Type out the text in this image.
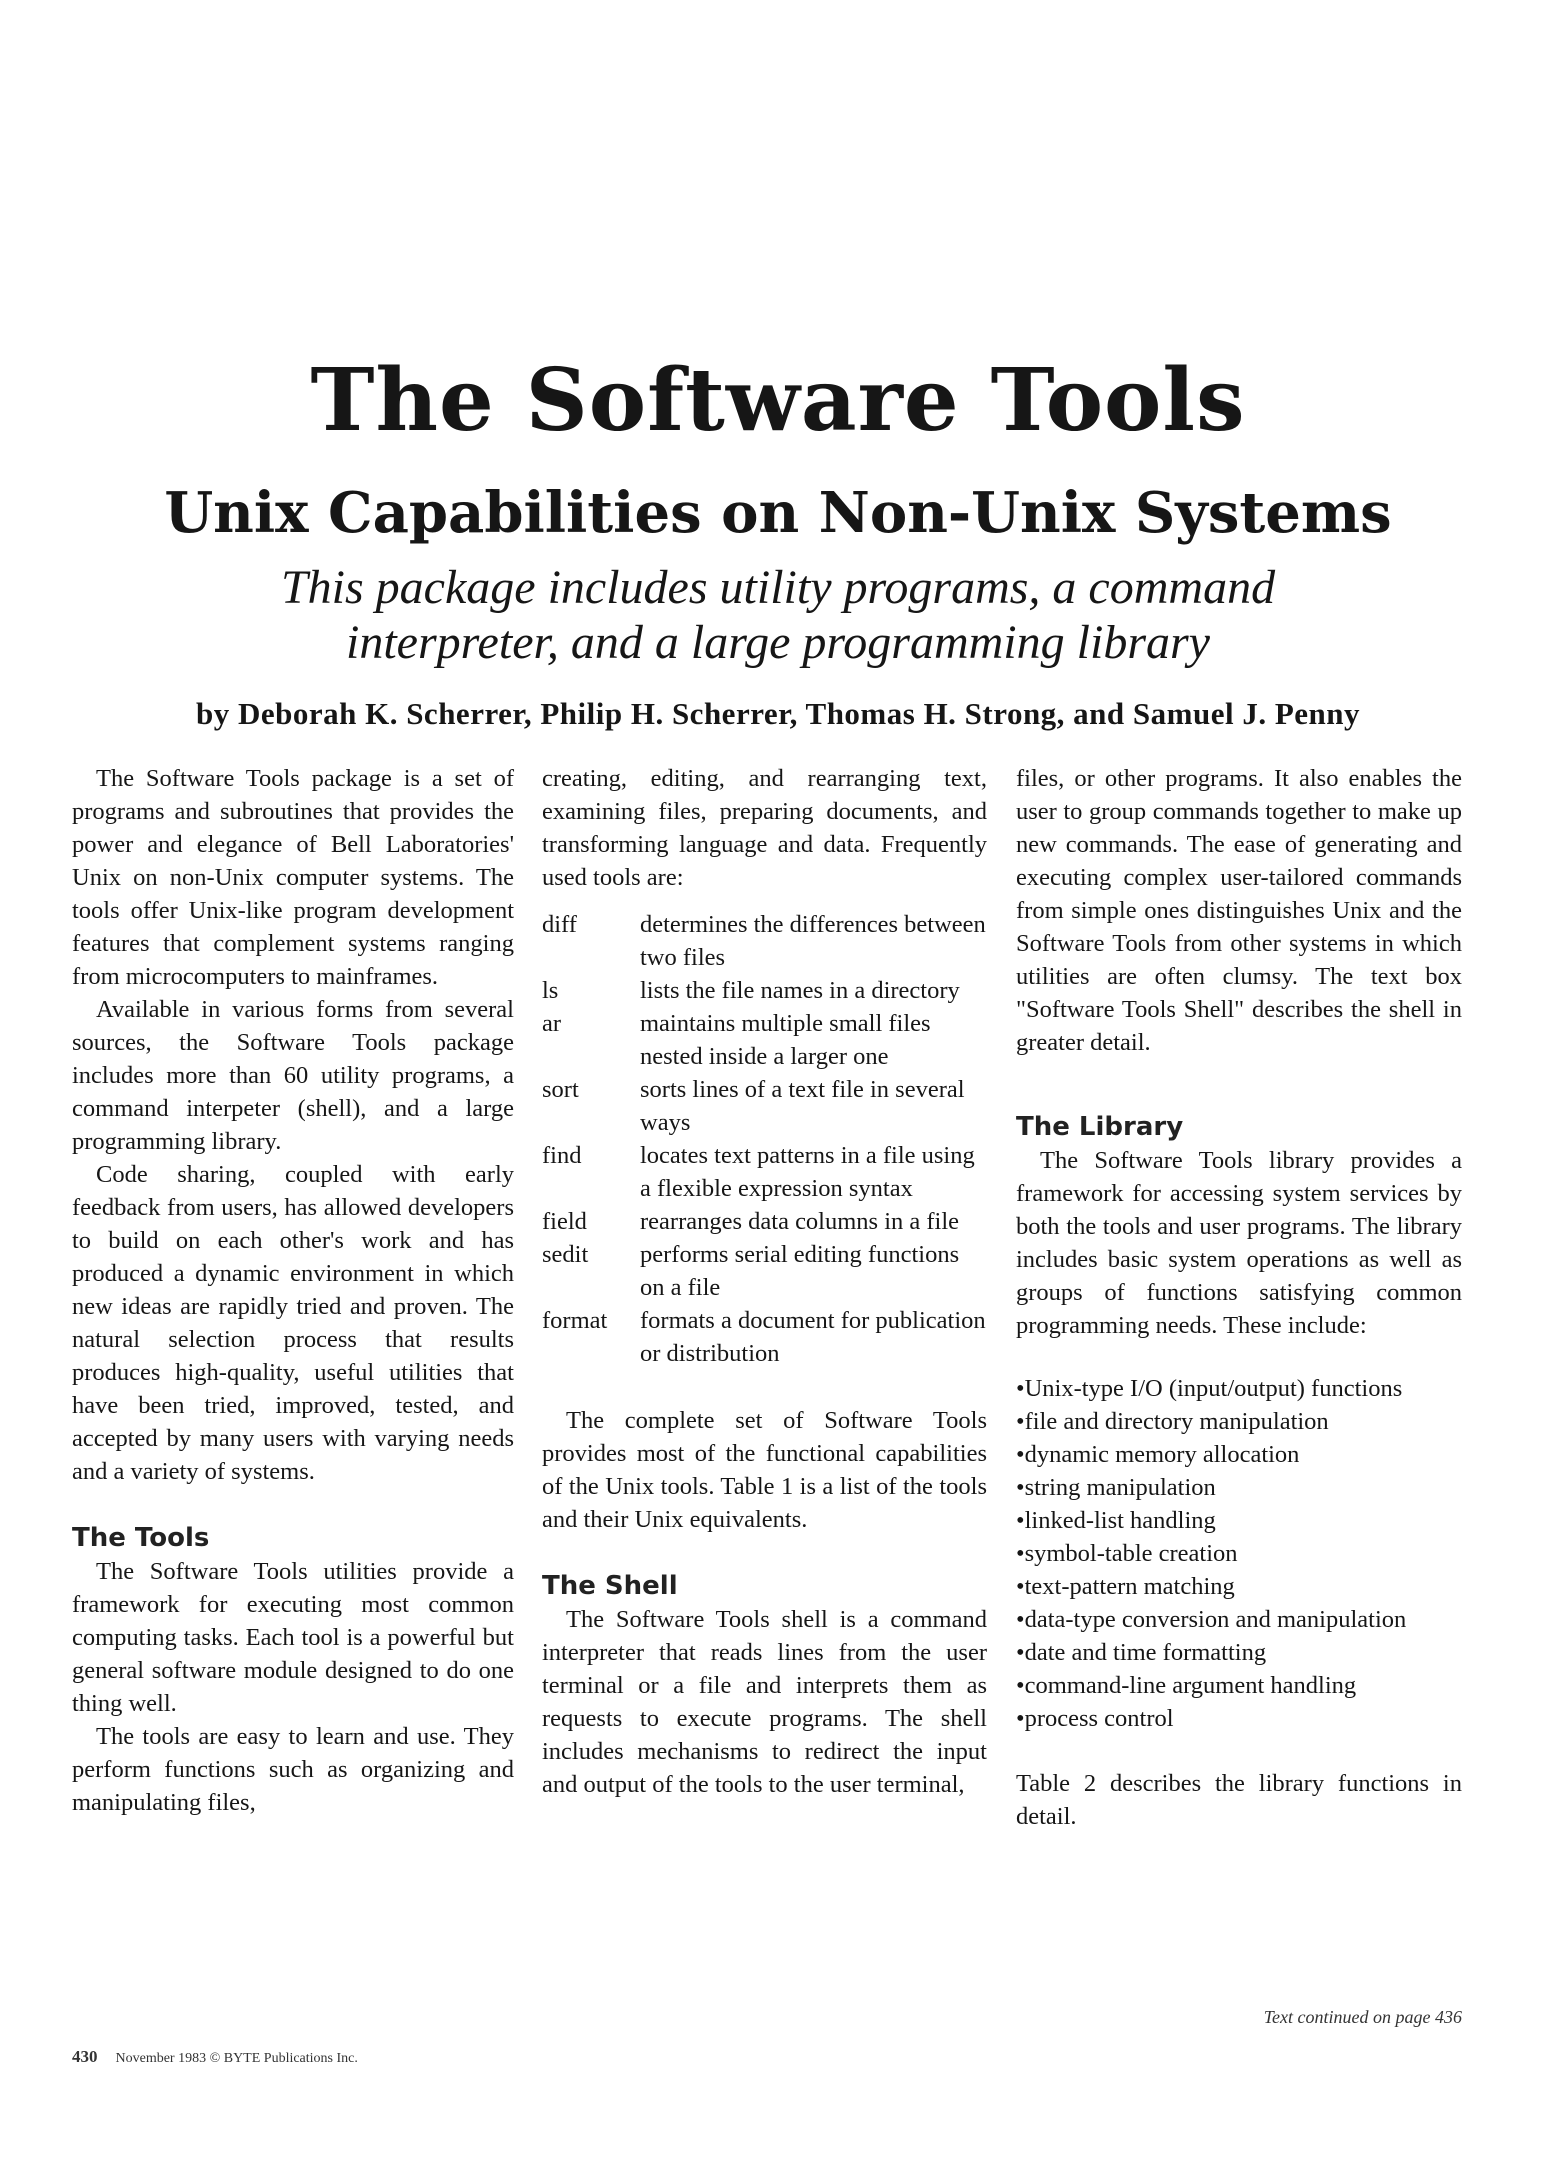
The Software Tools
Unix Capabilities on Non-Unix Systems
This package includes utility programs, a command
interpreter, and a large programming library
by Deborah K. Scherrer, Philip H. Scherrer, Thomas H. Strong, and Samuel J. Penny

The Software Tools package is a set of programs and subroutines that provides the power and elegance of Bell Laboratories' Unix on non-Unix computer systems. The tools offer Unix-like program development features that complement systems ranging from microcomputers to mainframes.

Available in various forms from several sources, the Software Tools package includes more than 60 utility programs, a command interpeter (shell), and a large programming library.

Code sharing, coupled with early feedback from users, has allowed developers to build on each other's work and has produced a dynamic environment in which new ideas are rapidly tried and proven. The natural selection process that results produces high-quality, useful utilities that have been tried, improved, tested, and accepted by many users with varying needs and a variety of systems.

The Tools

The Software Tools utilities provide a framework for executing most common computing tasks. Each tool is a powerful but general software module designed to do one thing well.

The tools are easy to learn and use. They perform functions such as organizing and manipulating files,

creating, editing, and rearranging text, examining files, preparing documents, and transforming language and data. Frequently used tools are:

diff	determines the differences between two files
ls	lists the file names in a directory
ar	maintains multiple small files nested inside a larger one
sort	sorts lines of a text file in several ways
find	locates text patterns in a file using a flexible expression syntax
field	rearranges data columns in a file
sedit	performs serial editing functions on a file
format	formats a document for publication or distribution

The complete set of Software Tools provides most of the functional capabilities of the Unix tools. Table 1 is a list of the tools and their Unix equivalents.

The Shell

The Software Tools shell is a command interpreter that reads lines from the user terminal or a file and interprets them as requests to execute programs. The shell includes mechanisms to redirect the input and output of the tools to the user terminal,

files, or other programs. It also enables the user to group commands together to make up new commands. The ease of generating and executing complex user-tailored commands from simple ones distinguishes Unix and the Software Tools from other systems in which utilities are often clumsy. The text box "Software Tools Shell" describes the shell in greater detail.

The Library

The Software Tools library provides a framework for accessing system services by both the tools and user programs. The library includes basic system operations as well as groups of functions satisfying common programming needs. These include:

•Unix-type I/O (input/output) functions
•file and directory manipulation
•dynamic memory allocation
•string manipulation
•linked-list handling
•symbol-table creation
•text-pattern matching
•data-type conversion and manipulation
•date and time formatting
•command-line argument handling
•process control

Table 2 describes the library functions in detail.

Text continued on page 436
430 November 1983 © BYTE Publications Inc.
